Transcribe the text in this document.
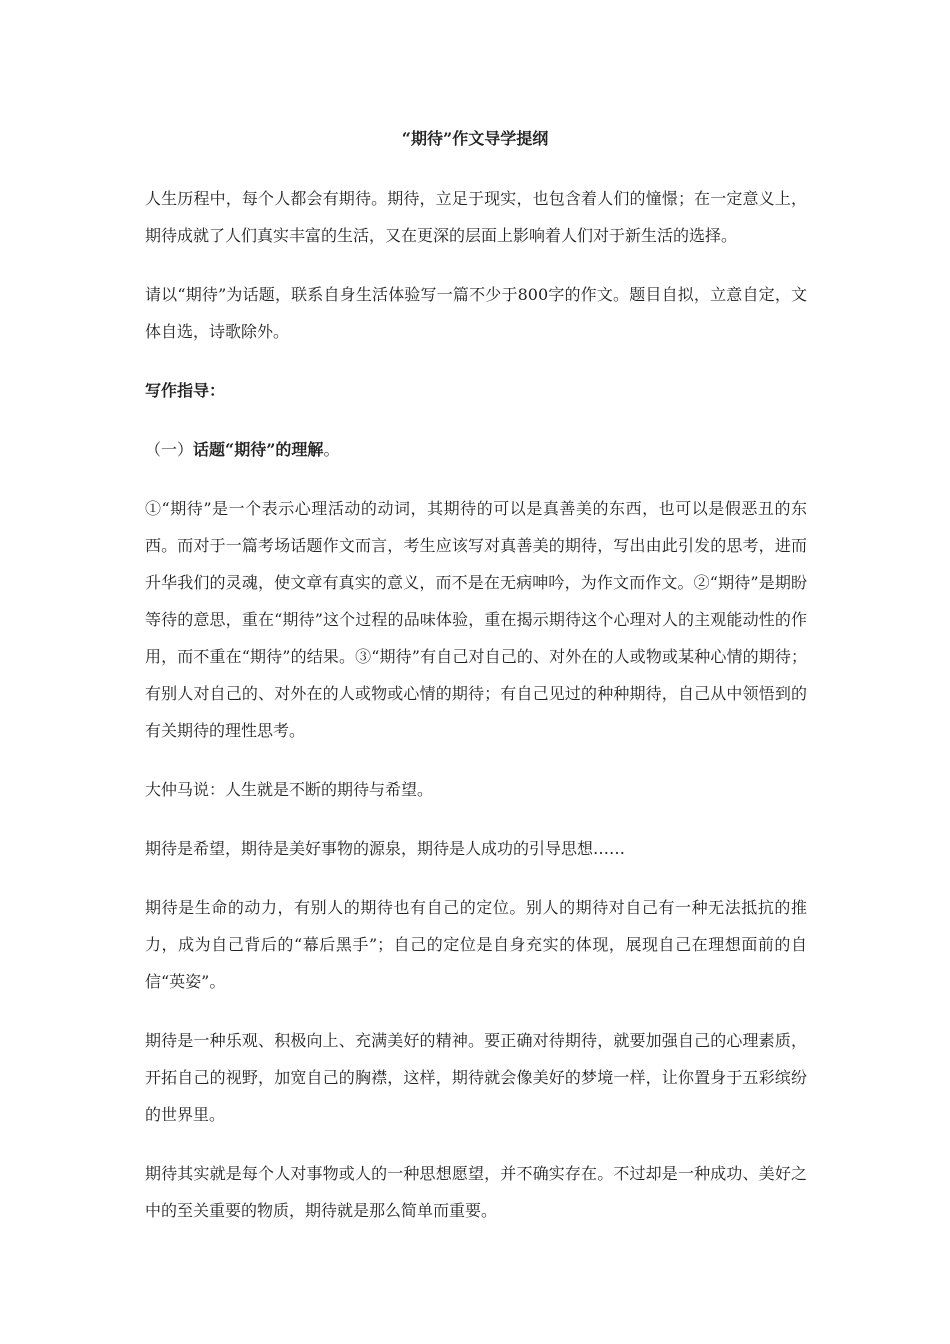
“期待”作文导学提纲

人生历程中，每个人都会有期待。期待，立足于现实，也包含着人们的憧憬；在一定意义上，期待成就了人们真实丰富的生活，又在更深的层面上影响着人们对于新生活的选择。

请以“期待”为话题，联系自身生活体验写一篇不少于800字的作文。题目自拟，立意自定，文体自选，诗歌除外。

写作指导：

（一）话题“期待”的理解。

①“期待”是一个表示心理活动的动词，其期待的可以是真善美的东西，也可以是假恶丑的东西。而对于一篇考场话题作文而言，考生应该写对真善美的期待，写出由此引发的思考，进而升华我们的灵魂，使文章有真实的意义，而不是在无病呻吟，为作文而作文。②“期待”是期盼等待的意思，重在“期待”这个过程的品味体验，重在揭示期待这个心理对人的主观能动性的作用，而不重在“期待”的结果。③“期待”有自己对自己的、对外在的人或物或某种心情的期待；有别人对自己的、对外在的人或物或心情的期待；有自己见过的种种期待，自己从中领悟到的有关期待的理性思考。

大仲马说：人生就是不断的期待与希望。

期待是希望，期待是美好事物的源泉，期待是人成功的引导思想……

期待是生命的动力，有别人的期待也有自己的定位。别人的期待对自己有一种无法抵抗的推力，成为自己背后的“幕后黑手”；自己的定位是自身充实的体现，展现自己在理想面前的自信“英姿”。

期待是一种乐观、积极向上、充满美好的精神。要正确对待期待，就要加强自己的心理素质，开拓自己的视野，加宽自己的胸襟，这样，期待就会像美好的梦境一样，让你置身于五彩缤纷的世界里。

期待其实就是每个人对事物或人的一种思想愿望，并不确实存在。不过却是一种成功、美好之中的至关重要的物质，期待就是那么简单而重要。
